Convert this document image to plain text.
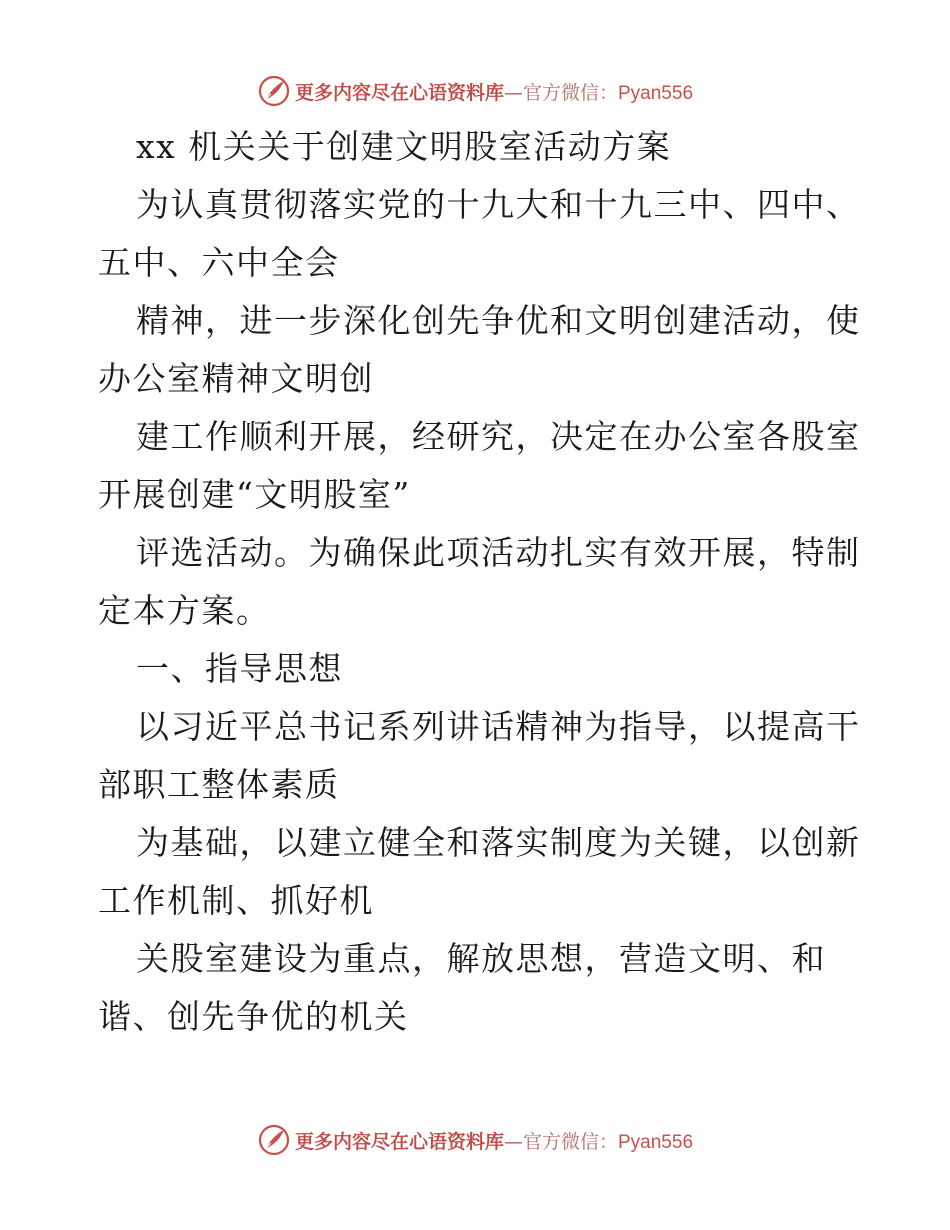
更多内容尽在心语资料库—官方微信：Pyan556
xx 机关关于创建文明股室活动方案
为认真贯彻落实党的十九大和十九三中、四中、
五中、六中全会
精神，进一步深化创先争优和文明创建活动，使
办公室精神文明创
建工作顺利开展，经研究，决定在办公室各股室
开展创建“文明股室”
评选活动。为确保此项活动扎实有效开展，特制
定本方案。
一、指导思想
以习近平总书记系列讲话精神为指导，以提高干
部职工整体素质
为基础，以建立健全和落实制度为关键，以创新
工作机制、抓好机
关股室建设为重点，解放思想，营造文明、和
谐、创先争优的机关
更多内容尽在心语资料库—官方微信：Pyan556
